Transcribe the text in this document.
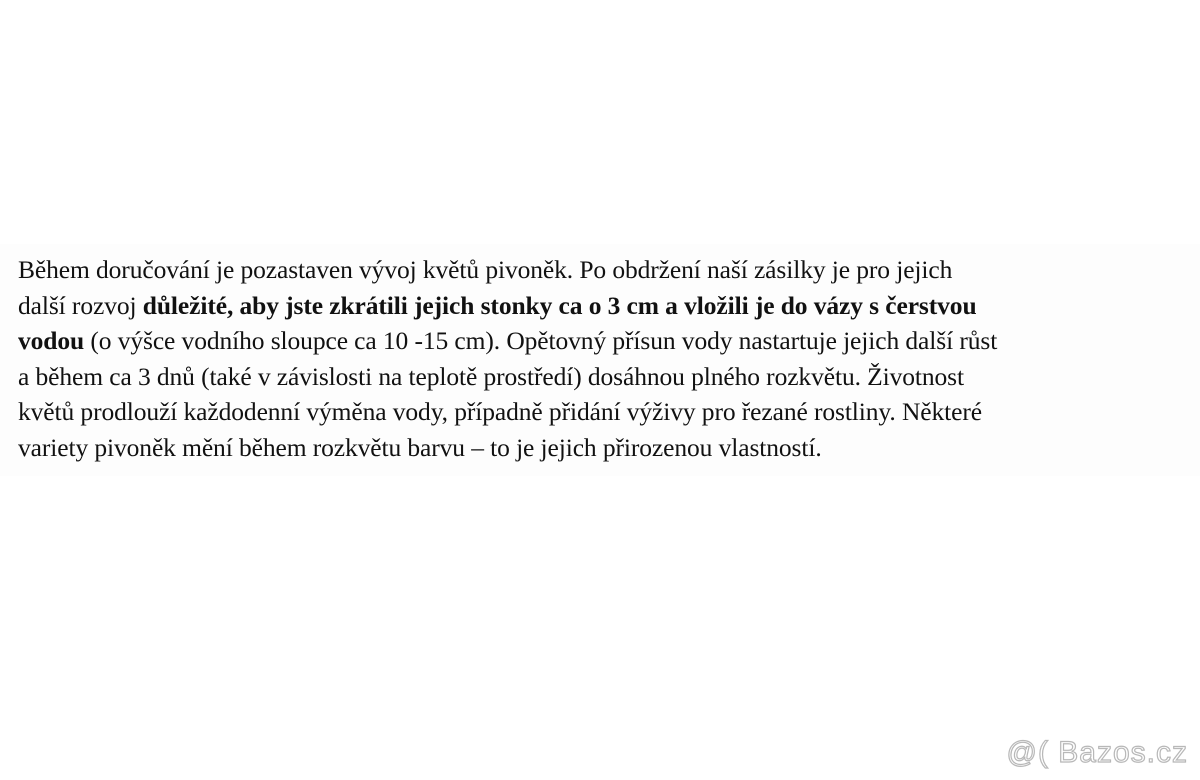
Během doručování je pozastaven vývoj květů pivoněk. Po obdržení naší zásilky je pro jejich
další rozvoj důležité, aby jste zkrátili jejich stonky ca o 3 cm a vložili je do vázy s čerstvou
vodou (o výšce vodního sloupce ca 10 -15 cm). Opětovný přísun vody nastartuje jejich další růst
a během ca 3 dnů (také v závislosti na teplotě prostředí) dosáhnou plného rozkvětu. Životnost
květů prodlouží každodenní výměna vody, případně přidání výživy pro řezané rostliny. Některé
variety pivoněk mění během rozkvětu barvu – to je jejich přirozenou vlastností.
@( Bazos.cz
